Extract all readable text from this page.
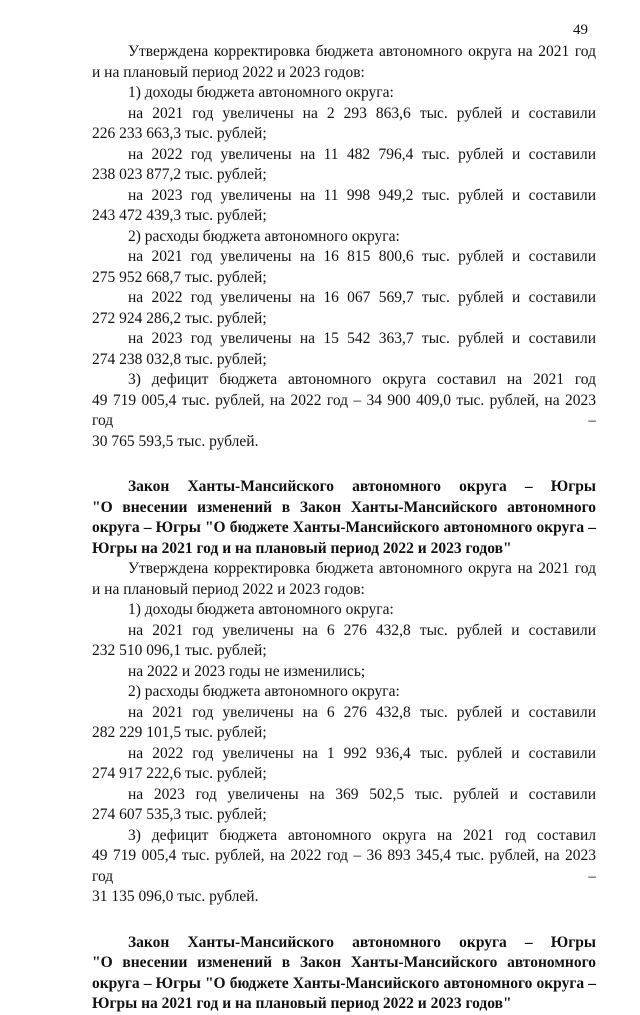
49
Утверждена корректировка бюджета автономного округа на 2021 год
и на плановый период 2022 и 2023 годов:
1) доходы бюджета автономного округа:
на 2021 год увеличены на 2 293 863,6 тыс. рублей и составили
226 233 663,3 тыс. рублей;
на 2022 год увеличены на 11 482 796,4 тыс. рублей и составили
238 023 877,2 тыс. рублей;
на 2023 год увеличены на 11 998 949,2 тыс. рублей и составили
243 472 439,3 тыс. рублей;
2) расходы бюджета автономного округа:
на 2021 год увеличены на 16 815 800,6 тыс. рублей и составили
275 952 668,7 тыс. рублей;
на 2022 год увеличены на 16 067 569,7 тыс. рублей и составили
272 924 286,2 тыс. рублей;
на 2023 год увеличены на 15 542 363,7 тыс. рублей и составили
274 238 032,8 тыс. рублей;
3) дефицит бюджета автономного округа составил на 2021 год
49 719 005,4 тыс. рублей, на 2022 год – 34 900 409,0 тыс. рублей, на 2023 год –
30 765 593,5 тыс. рублей.
Закон Ханты-Мансийского автономного округа – Югры
"О внесении изменений в Закон Ханты-Мансийского автономного
округа – Югры "О бюджете Ханты-Мансийского автономного округа –
Югры на 2021 год и на плановый период 2022 и 2023 годов"
Утверждена корректировка бюджета автономного округа на 2021 год
и на плановый период 2022 и 2023 годов:
1) доходы бюджета автономного округа:
на 2021 год увеличены на 6 276 432,8 тыс. рублей и составили
232 510 096,1 тыс. рублей;
на 2022 и 2023 годы не изменились;
2) расходы бюджета автономного округа:
на 2021 год увеличены на 6 276 432,8 тыс. рублей и составили
282 229 101,5 тыс. рублей;
на 2022 год увеличены на 1 992 936,4 тыс. рублей и составили
274 917 222,6 тыс. рублей;
на 2023 год увеличены на 369 502,5 тыс. рублей и составили
274 607 535,3 тыс. рублей;
3) дефицит бюджета автономного округа на 2021 год составил
49 719 005,4 тыс. рублей, на 2022 год – 36 893 345,4 тыс. рублей, на 2023 год –
31 135 096,0 тыс. рублей.
Закон Ханты-Мансийского автономного округа – Югры
"О внесении изменений в Закон Ханты-Мансийского автономного
округа – Югры "О бюджете Ханты-Мансийского автономного округа –
Югры на 2021 год и на плановый период 2022 и 2023 годов"
